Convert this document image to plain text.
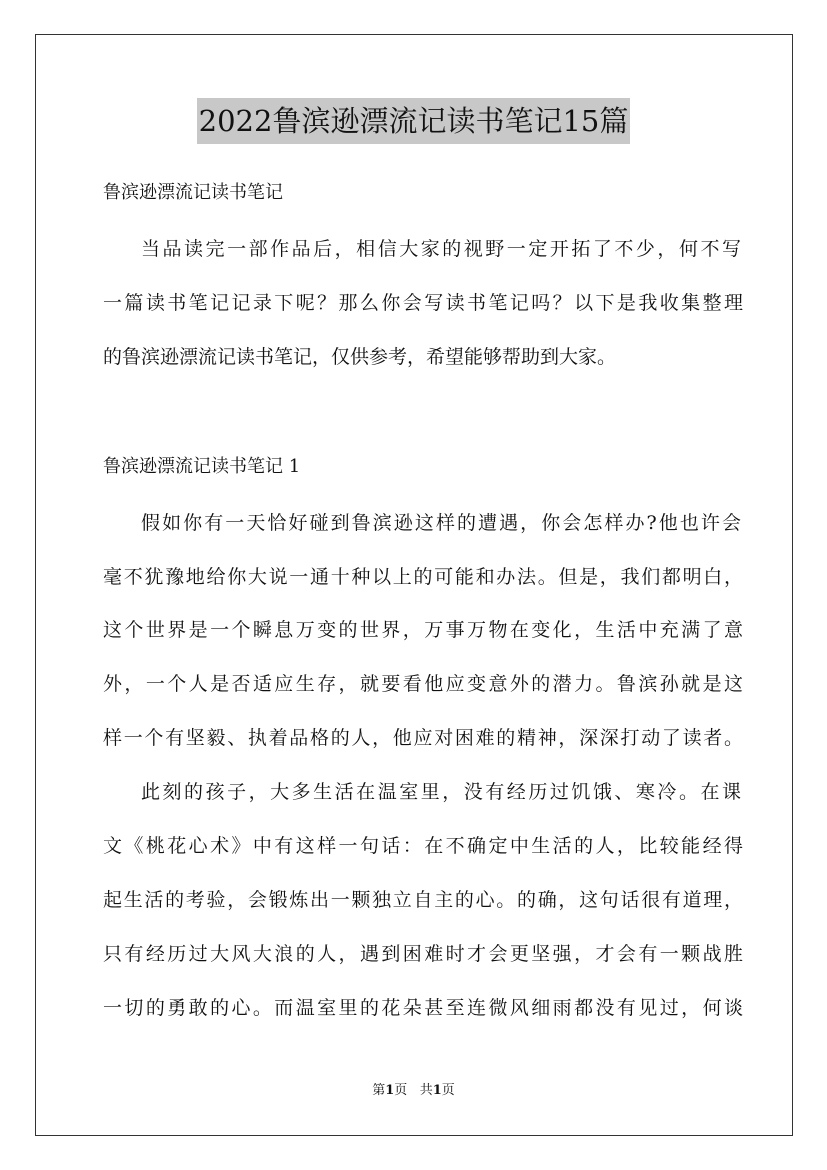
2022鲁滨逊漂流记读书笔记15篇
鲁滨逊漂流记读书笔记
当品读完一部作品后，相信大家的视野一定开拓了不少，何不写
一篇读书笔记记录下呢？那么你会写读书笔记吗？以下是我收集整理
的鲁滨逊漂流记读书笔记，仅供参考，希望能够帮助到大家。
鲁滨逊漂流记读书笔记 1
假如你有一天恰好碰到鲁滨逊这样的遭遇，你会怎样办?他也许会
毫不犹豫地给你大说一通十种以上的可能和办法。但是，我们都明白，
这个世界是一个瞬息万变的世界，万事万物在变化，生活中充满了意
外，一个人是否适应生存，就要看他应变意外的潜力。鲁滨孙就是这
样一个有坚毅、执着品格的人，他应对困难的精神，深深打动了读者。
此刻的孩子，大多生活在温室里，没有经历过饥饿、寒冷。在课
文《桃花心术》中有这样一句话：在不确定中生活的人，比较能经得
起生活的考验，会锻炼出一颗独立自主的心。的确，这句话很有道理，
只有经历过大风大浪的人，遇到困难时才会更坚强，才会有一颗战胜
一切的勇敢的心。而温室里的花朵甚至连微风细雨都没有见过，何谈
第1页 共1页
